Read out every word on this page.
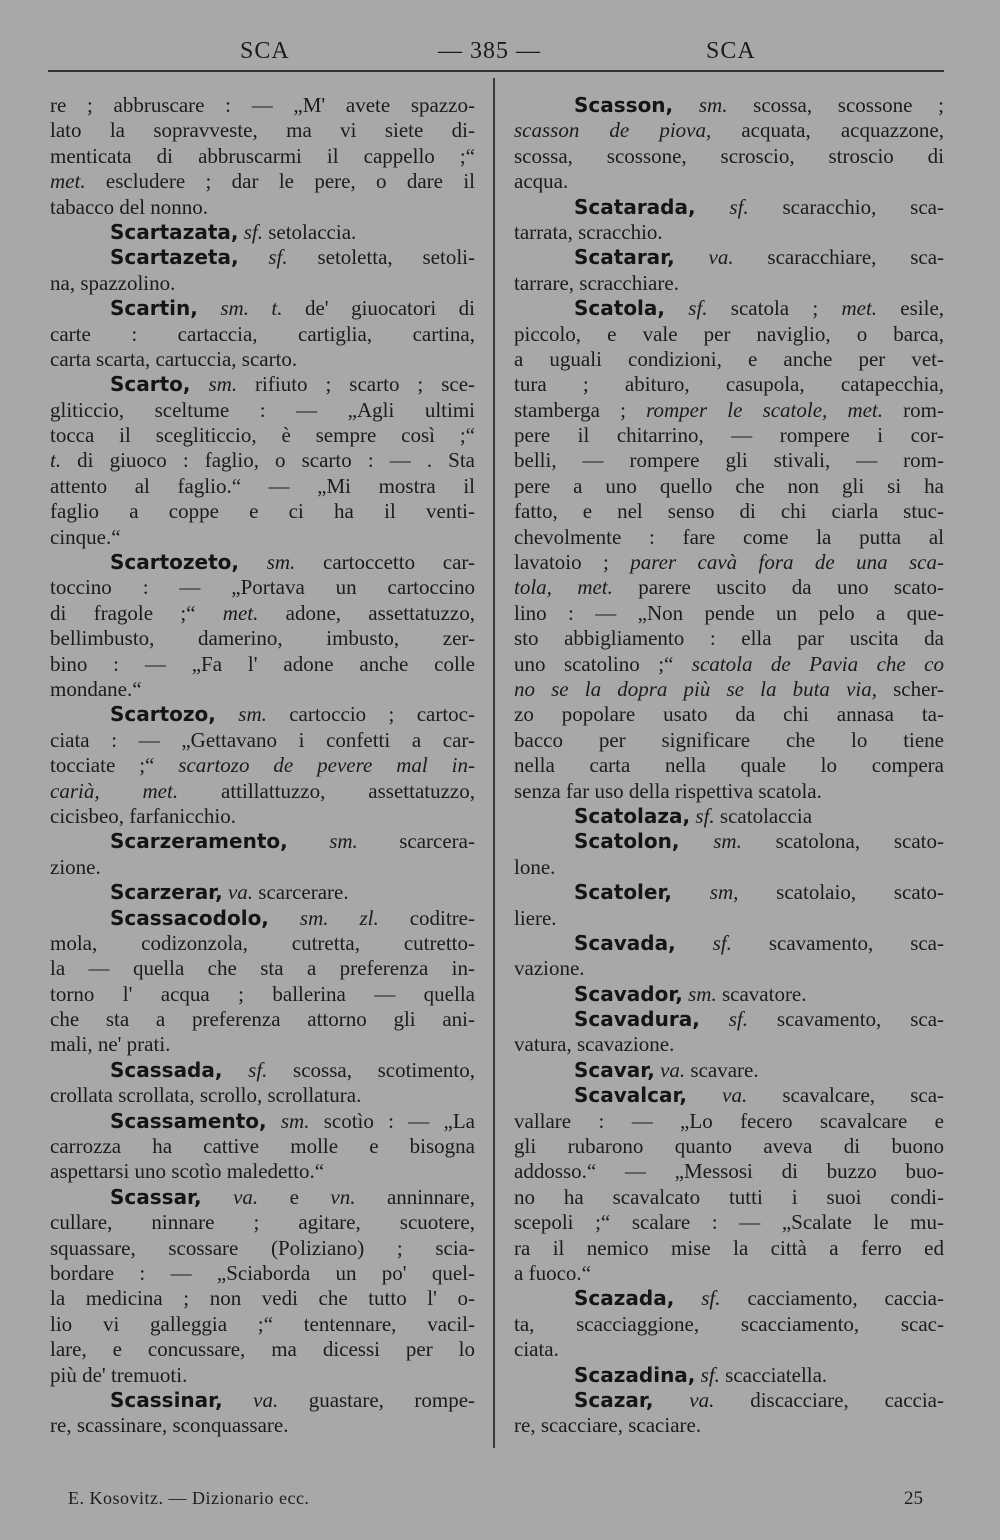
SCA	— 385 —	SCA
re ; abbruscare : — „M' avete spazzo-
lato la sopravveste, ma vi siete di-
menticata di abbruscarmi il cappello ;“
met. escludere ; dar le pere, o dare il
tabacco del nonno.
Scartazata, sf. setolaccia.
Scartazeta, sf. setoletta, setoli-
na, spazzolino.
Scartin, sm. t. de' giuocatori di
carte : cartaccia, cartiglia, cartina,
carta scarta, cartuccia, scarto.
Scarto, sm. rifiuto ; scarto ; sce-
gliticcio, sceltume : — „Agli ultimi
tocca il scegliticcio, è sempre così ;“
t. di giuoco : faglio, o scarto : — . Sta
attento al faglio.“ — „Mi mostra il
faglio a coppe e ci ha il venti-
cinque.“
Scartozeto, sm. cartoccetto car-
toccino : — „Portava un cartoccino
di fragole ;“ met. adone, assettatuzzo,
bellimbusto, damerino, imbusto, zer-
bino : — „Fa l' adone anche colle
mondane.“
Scartozo, sm. cartoccio ; cartoc-
ciata : — „Gettavano i confetti a car-
tocciate ;“ scartozo de pevere mal in-
carià, met. attillattuzzo, assettatuzzo,
cicisbeo, farfanicchio.
Scarzeramento, sm. scarcera-
zione.
Scarzerar, va. scarcerare.
Scassacodolo, sm. zl. coditre-
mola, codizonzola, cutretta, cutretto-
la — quella che sta a preferenza in-
torno l' acqua ; ballerina — quella
che sta a preferenza attorno gli ani-
mali, ne' prati.
Scassada, sf. scossa, scotimento,
crollata scrollata, scrollo, scrollatura.
Scassamento, sm. scotìo : — „La
carrozza ha cattive molle e bisogna
aspettarsi uno scotìo maledetto.“
Scassar, va. e vn. anninnare,
cullare, ninnare ; agitare, scuotere,
squassare, scossare (Poliziano) ; scia-
bordare : — „Sciaborda un po' quel-
la medicina ; non vedi che tutto l' o-
lio vi galleggia ;“ tentennare, vacil-
lare, e concussare, ma dicessi per lo
più de' tremuoti.
Scassinar, va. guastare, rompe-
re, scassinare, sconquassare.
Scasson, sm. scossa, scossone ;
scasson de piova, acquata, acquazzone,
scossa, scossone, scroscio, stroscio di
acqua.
Scatarada, sf. scaracchio, sca-
tarrata, scracchio.
Scatarar, va. scaracchiare, sca-
tarrare, scracchiare.
Scatola, sf. scatola ; met. esile,
piccolo, e vale per naviglio, o barca,
a uguali condizioni, e anche per vet-
tura ; abituro, casupola, catapecchia,
stamberga ; romper le scatole, met. rom-
pere il chitarrino, — rompere i cor-
belli, — rompere gli stivali, — rom-
pere a uno quello che non gli si ha
fatto, e nel senso di chi ciarla stuc-
chevolmente : fare come la putta al
lavatoio ; parer cavà fora de una sca-
tola, met. parere uscito da uno scato-
lino : — „Non pende un pelo a que-
sto abbigliamento : ella par uscita da
uno scatolino ;“ scatola de Pavia che co
no se la dopra più se la buta via, scher-
zo popolare usato da chi annasa ta-
bacco per significare che lo tiene
nella carta nella quale lo compera
senza far uso della rispettiva scatola.
Scatolaza, sf. scatolaccia
Scatolon, sm. scatolona, scato-
lone.
Scatoler, sm, scatolaio, scato-
liere.
Scavada, sf. scavamento, sca-
vazione.
Scavador, sm. scavatore.
Scavadura, sf. scavamento, sca-
vatura, scavazione.
Scavar, va. scavare.
Scavalcar, va. scavalcare, sca-
vallare : — „Lo fecero scavalcare e
gli rubarono quanto aveva di buono
addosso.“ — „Messosi di buzzo buo-
no ha scavalcato tutti i suoi condi-
scepoli ;“ scalare : — „Scalate le mu-
ra il nemico mise la città a ferro ed
a fuoco.“
Scazada, sf. cacciamento, caccia-
ta, scacciaggione, scacciamento, scac-
ciata.
Scazadina, sf. scacciatella.
Scazar, va. discacciare, caccia-
re, scacciare, scaciare.
E. Kosovitz. — Dizionario ecc.	25
